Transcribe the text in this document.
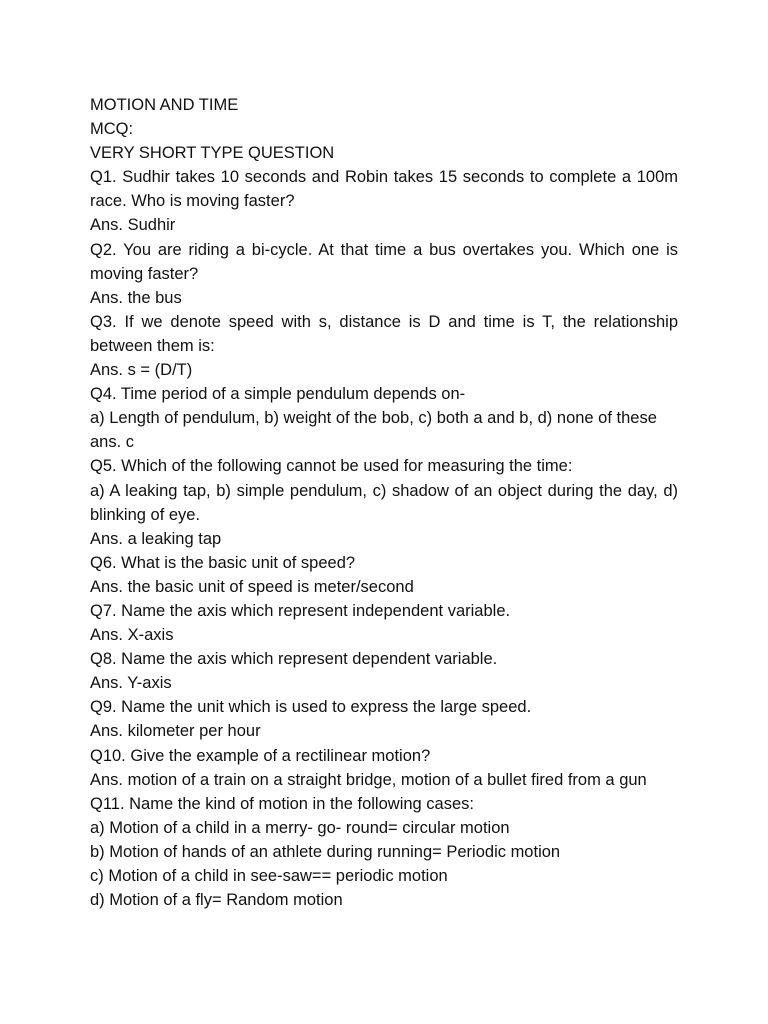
MOTION AND TIME
MCQ:
VERY SHORT TYPE QUESTION
Q1. Sudhir takes 10 seconds and Robin takes 15 seconds to complete a 100m race. Who is moving faster?
Ans. Sudhir
Q2. You are riding a bi-cycle. At that time a bus overtakes you. Which one is moving faster?
Ans. the bus
Q3. If we denote speed with s, distance is D and time is T, the relationship between them is:
Ans. s = (D/T)
Q4. Time period of a simple pendulum depends on-
a) Length of pendulum, b) weight of the bob, c) both a and b, d) none of these
ans. c
Q5. Which of the following cannot be used for measuring the time:
a) A leaking tap, b) simple pendulum, c) shadow of an object during the day, d) blinking of eye.
Ans. a leaking tap
Q6. What is the basic unit of speed?
Ans. the basic unit of speed is meter/second
Q7. Name the axis which represent independent variable.
Ans. X-axis
Q8. Name the axis which represent dependent variable.
Ans. Y-axis
Q9. Name the unit which is used to express the large speed.
Ans. kilometer per hour
Q10. Give the example of a rectilinear motion?
Ans. motion of a train on a straight bridge, motion of a bullet fired from a gun
Q11. Name the kind of motion in the following cases:
a) Motion of a child in a merry- go- round= circular motion
b) Motion of hands of an athlete during running= Periodic motion
c) Motion of a child in see-saw== periodic motion
d) Motion of a fly= Random motion
